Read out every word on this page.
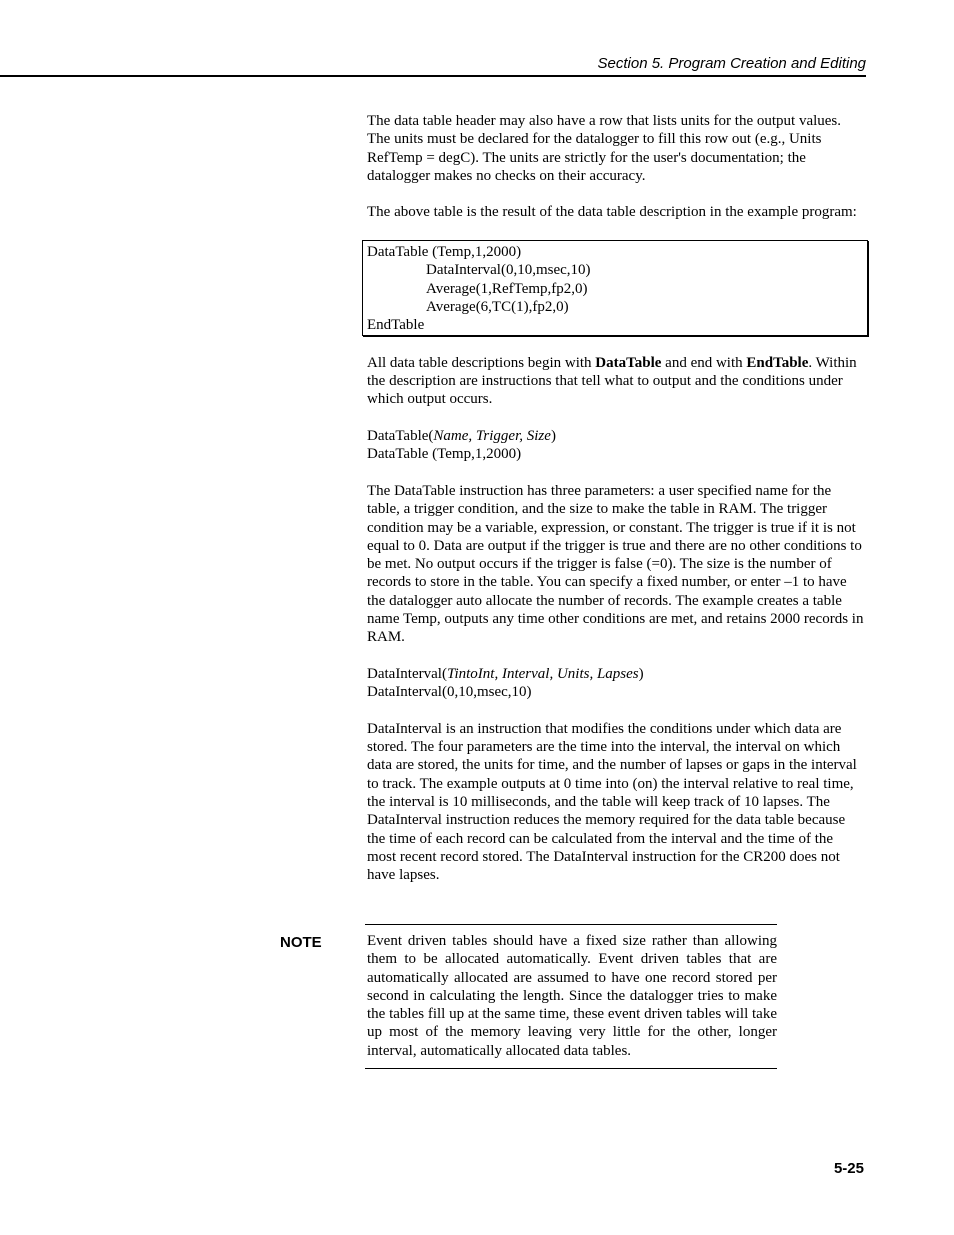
Section 5. Program Creation and Editing

The data table header may also have a row that lists units for the output values. The units must be declared for the datalogger to fill this row out (e.g., Units RefTemp = degC). The units are strictly for the user's documentation; the datalogger makes no checks on their accuracy.

The above table is the result of the data table description in the example program:

DataTable (Temp,1,2000)
DataInterval(0,10,msec,10)
Average(1,RefTemp,fp2,0)
Average(6,TC(1),fp2,0)
EndTable

All data table descriptions begin with DataTable and end with EndTable. Within the description are instructions that tell what to output and the conditions under which output occurs.

DataTable(Name, Trigger, Size)
DataTable (Temp,1,2000)

The DataTable instruction has three parameters: a user specified name for the table, a trigger condition, and the size to make the table in RAM. The trigger condition may be a variable, expression, or constant. The trigger is true if it is not equal to 0. Data are output if the trigger is true and there are no other conditions to be met. No output occurs if the trigger is false (=0). The size is the number of records to store in the table. You can specify a fixed number, or enter –1 to have the datalogger auto allocate the number of records. The example creates a table name Temp, outputs any time other conditions are met, and retains 2000 records in RAM.

DataInterval(TintoInt, Interval, Units, Lapses)
DataInterval(0,10,msec,10)

DataInterval is an instruction that modifies the conditions under which data are stored. The four parameters are the time into the interval, the interval on which data are stored, the units for time, and the number of lapses or gaps in the interval to track. The example outputs at 0 time into (on) the interval relative to real time, the interval is 10 milliseconds, and the table will keep track of 10 lapses. The DataInterval instruction reduces the memory required for the data table because the time of each record can be calculated from the interval and the time of the most recent record stored. The DataInterval instruction for the CR200 does not have lapses.

NOTE	Event driven tables should have a fixed size rather than allowing them to be allocated automatically. Event driven tables that are automatically allocated are assumed to have one record stored per second in calculating the length. Since the datalogger tries to make the tables fill up at the same time, these event driven tables will take up most of the memory leaving very little for the other, longer interval, automatically allocated data tables.

5-25
